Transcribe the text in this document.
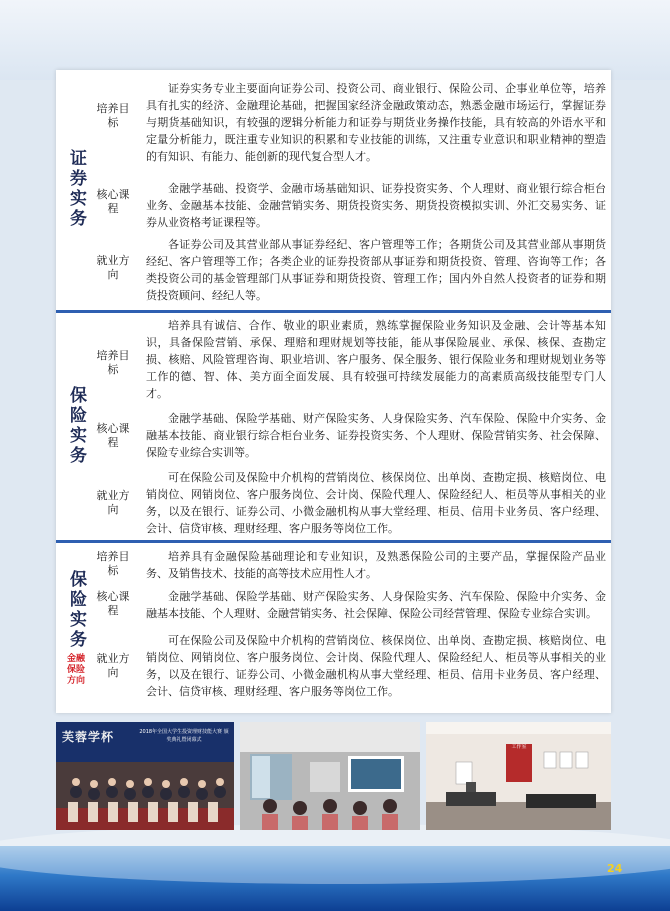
证券实务
培养目标
证券实务专业主要面向证券公司、投资公司、商业银行、保险公司、企事业单位等，培养具有扎实的经济、金融理论基础，把握国家经济金融政策动态，熟悉金融市场运行，掌握证券与期货基础知识，有较强的逻辑分析能力和证券与期货业务操作技能，具有较高的外语水平和定量分析能力，既注重专业知识的积累和专业技能的训练，又注重专业意识和职业精神的塑造的有知识、有能力、能创新的现代复合型人才。
核心课程
金融学基础、投资学、金融市场基础知识、证券投资实务、个人理财、商业银行综合柜台业务、金融基本技能、金融营销实务、期货投资实务、期货投资模拟实训、外汇交易实务、证券从业资格考证课程等。
就业方向
各证券公司及其营业部从事证券经纪、客户管理等工作；各期货公司及其营业部从事期货经纪、客户管理等工作；各类企业的证券投资部从事证券和期货投资、管理、咨询等工作；各类投资公司的基金管理部门从事证券和期货投资、管理工作；国内外自然人投资者的证券和期货投资顾问、经纪人等。
保险实务
培养目标
培养具有诚信、合作、敬业的职业素质，熟练掌握保险业务知识及金融、会计等基本知识，具备保险营销、承保、理赔和理财规划等技能，能从事保险展业、承保、核保、查勘定损、核赔、风险管理咨询、职业培训、客户服务、保全服务、银行保险业务和理财规划业务等工作的德、智、体、美方面全面发展、具有较强可持续发展能力的高素质高级技能型专门人才。
核心课程
金融学基础、保险学基础、财产保险实务、人身保险实务、汽车保险、保险中介实务、金融基本技能、商业银行综合柜台业务、证券投资实务、个人理财、保险营销实务、社会保障、保险专业综合实训等。
就业方向
可在保险公司及保险中介机构的营销岗位、核保岗位、出单岗、查勘定损、核赔岗位、电销岗位、网销岗位、客户服务岗位、会计岗、保险代理人、保险经纪人、柜员等从事相关的业务，以及在银行、证券公司、小微金融机构从事大堂经理、柜员、信用卡业务员、客户经理、会计、信贷审核、理财经理、客户服务等岗位工作。
保险实务
金融保险方向
培养目标
培养具有金融保险基础理论和专业知识，及熟悉保险公司的主要产品，掌握保险产品业务、及销售技术、技能的高等技术应用性人才。
核心课程
金融学基础、保险学基础、财产保险实务、人身保险实务、汽车保险、保险中介实务、金融基本技能、个人理财、金融营销实务、社会保障、保险公司经营管理、保险专业综合实训。
就业方向
可在保险公司及保险中介机构的营销岗位、核保岗位、出单岗、查勘定损、核赔岗位、电销岗位、网销岗位、客户服务岗位、会计岗、保险代理人、保险经纪人、柜员等从事相关的业务，以及在银行、证券公司、小微金融机构从事大堂经理、柜员、信用卡业务员、客户经理、会计、信贷审核、理财经理、客户服务等岗位工作。
芙蓉学杯	2018年全国大学生投资理财技能大赛 颁奖典礼暨闭幕式
工作室
24
